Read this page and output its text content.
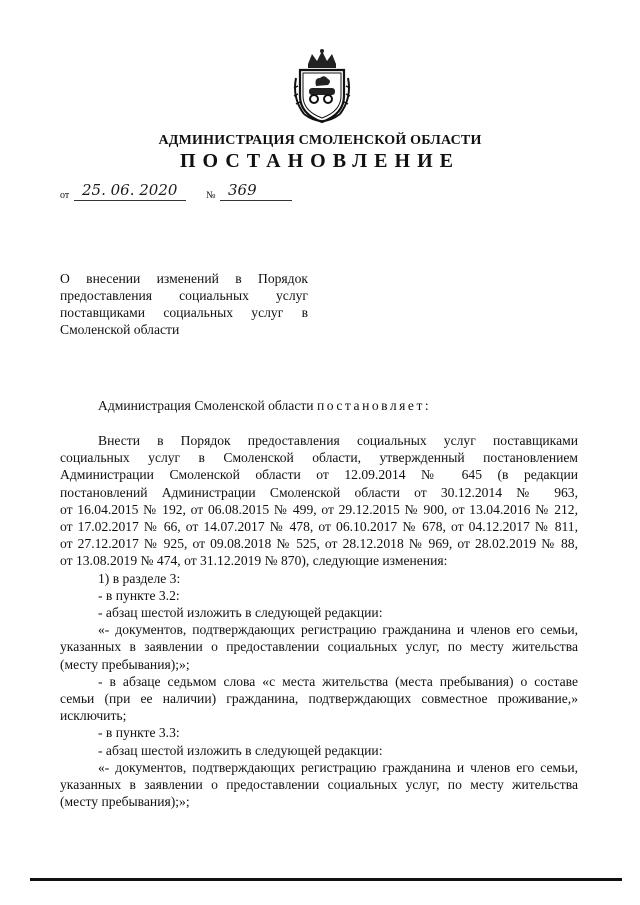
АДМИНИСТРАЦИЯ СМОЛЕНСКОЙ ОБЛАСТИ
ПОСТАНОВЛЕНИЕ
от 25. 06. 2020	№ 369
О внесении изменений в Порядок
предоставления социальных услуг
поставщиками социальных услуг в
Смоленской области
Администрация Смоленской области постановляет:
Внести в Порядок предоставления социальных услуг поставщиками
социальных услуг в Смоленской области, утвержденный постановлением
Администрации Смоленской области от 12.09.2014 № 645 (в редакции
постановлений Администрации Смоленской области от 30.12.2014 № 963,
от 16.04.2015 № 192, от 06.08.2015 № 499, от 29.12.2015 № 900, от 13.04.2016 № 212,
от 17.02.2017 № 66, от 14.07.2017 № 478, от 06.10.2017 № 678, от 04.12.2017 № 811,
от 27.12.2017 № 925, от 09.08.2018 № 525, от 28.12.2018 № 969, от 28.02.2019 № 88,
от 13.08.2019 № 474, от 31.12.2019 № 870), следующие изменения:
1) в разделе 3:
- в пункте 3.2:
- абзац шестой изложить в следующей редакции:
«- документов, подтверждающих регистрацию гражданина и членов его семьи,
указанных в заявлении о предоставлении социальных услуг, по месту жительства
(месту пребывания);»;
- в абзаце седьмом слова «с места жительства (места пребывания) о составе
семьи (при ее наличии) гражданина, подтверждающих совместное проживание,»
исключить;
- в пункте 3.3:
- абзац шестой изложить в следующей редакции:
«- документов, подтверждающих регистрацию гражданина и членов его семьи,
указанных в заявлении о предоставлении социальных услуг, по месту жительства
(месту пребывания);»;
